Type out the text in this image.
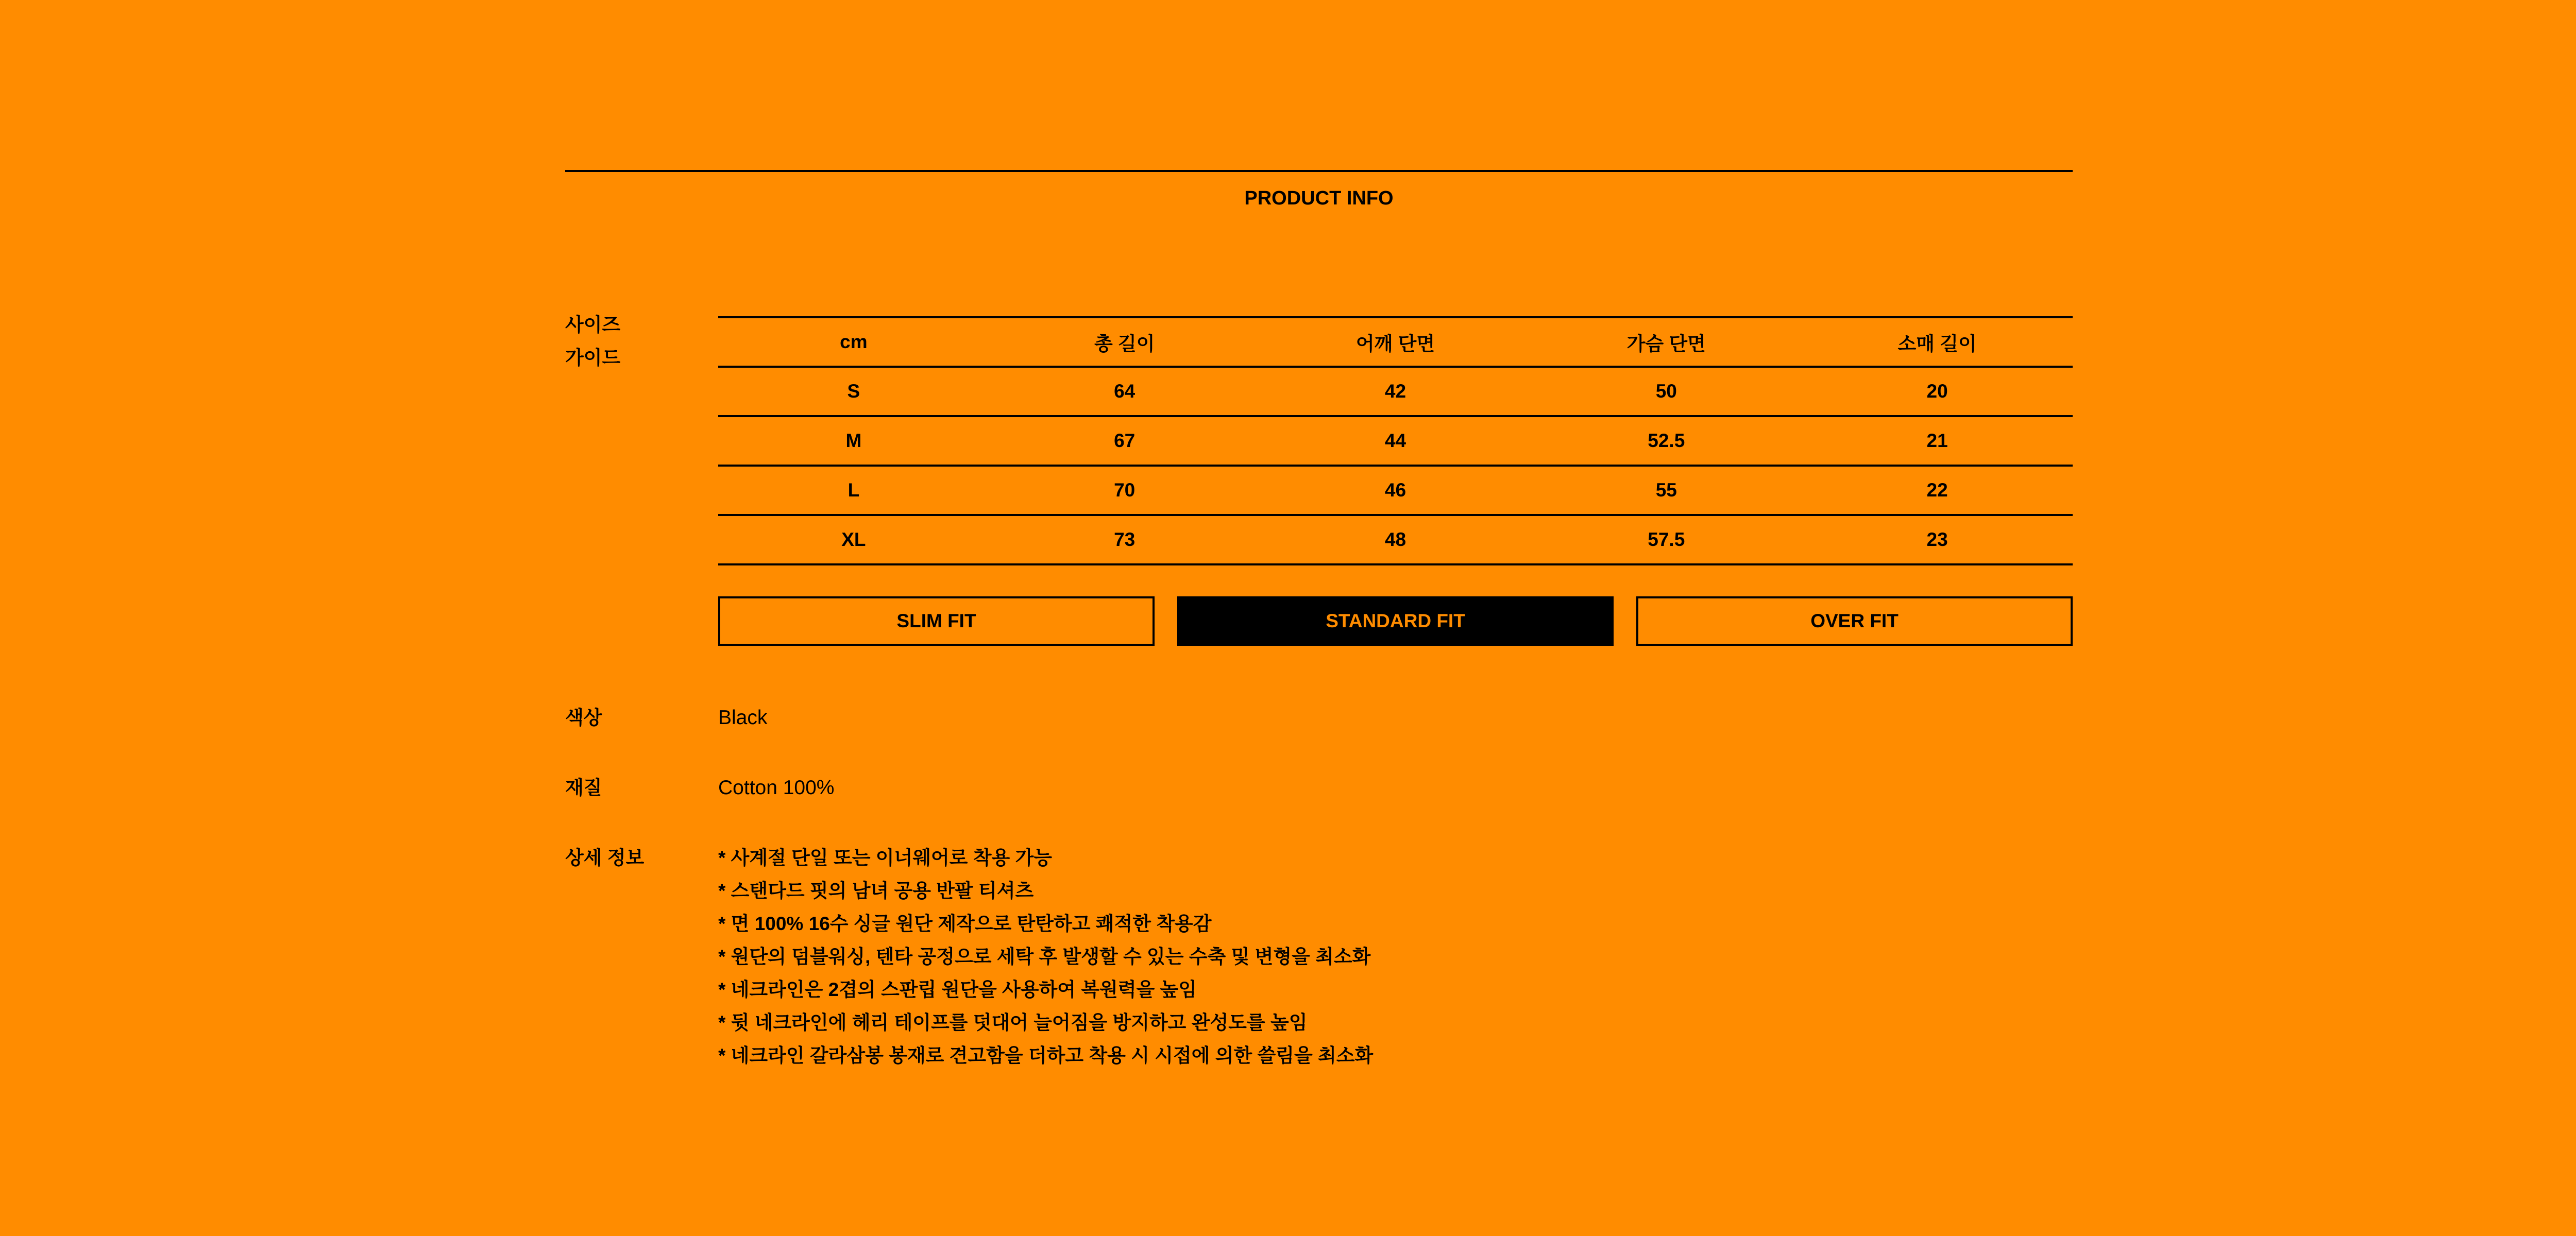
PRODUCT INFO
사이즈
가이드
cm	총 길이	어깨 단면	가슴 단면	소매 길이
S	64	42	50	20
M	67	44	52.5	21
L	70	46	55	22
XL	73	48	57.5	23
SLIM FIT	STANDARD FIT	OVER FIT
색상	Black
재질	Cotton 100%
상세 정보	* 사계절 단일 또는 이너웨어로 착용 가능
* 스탠다드 핏의 남녀 공용 반팔 티셔츠
* 면 100% 16수 싱글 원단 제작으로 탄탄하고 쾌적한 착용감
* 원단의 덤블워싱, 텐타 공정으로 세탁 후 발생할 수 있는 수축 및 변형을 최소화
* 네크라인은 2겹의 스판립 원단을 사용하여 복원력을 높임
* 뒷 네크라인에 헤리 테이프를 덧대어 늘어짐을 방지하고 완성도를 높임
* 네크라인 갈라삼봉 봉재로 견고함을 더하고 착용 시 시접에 의한 쓸림을 최소화
